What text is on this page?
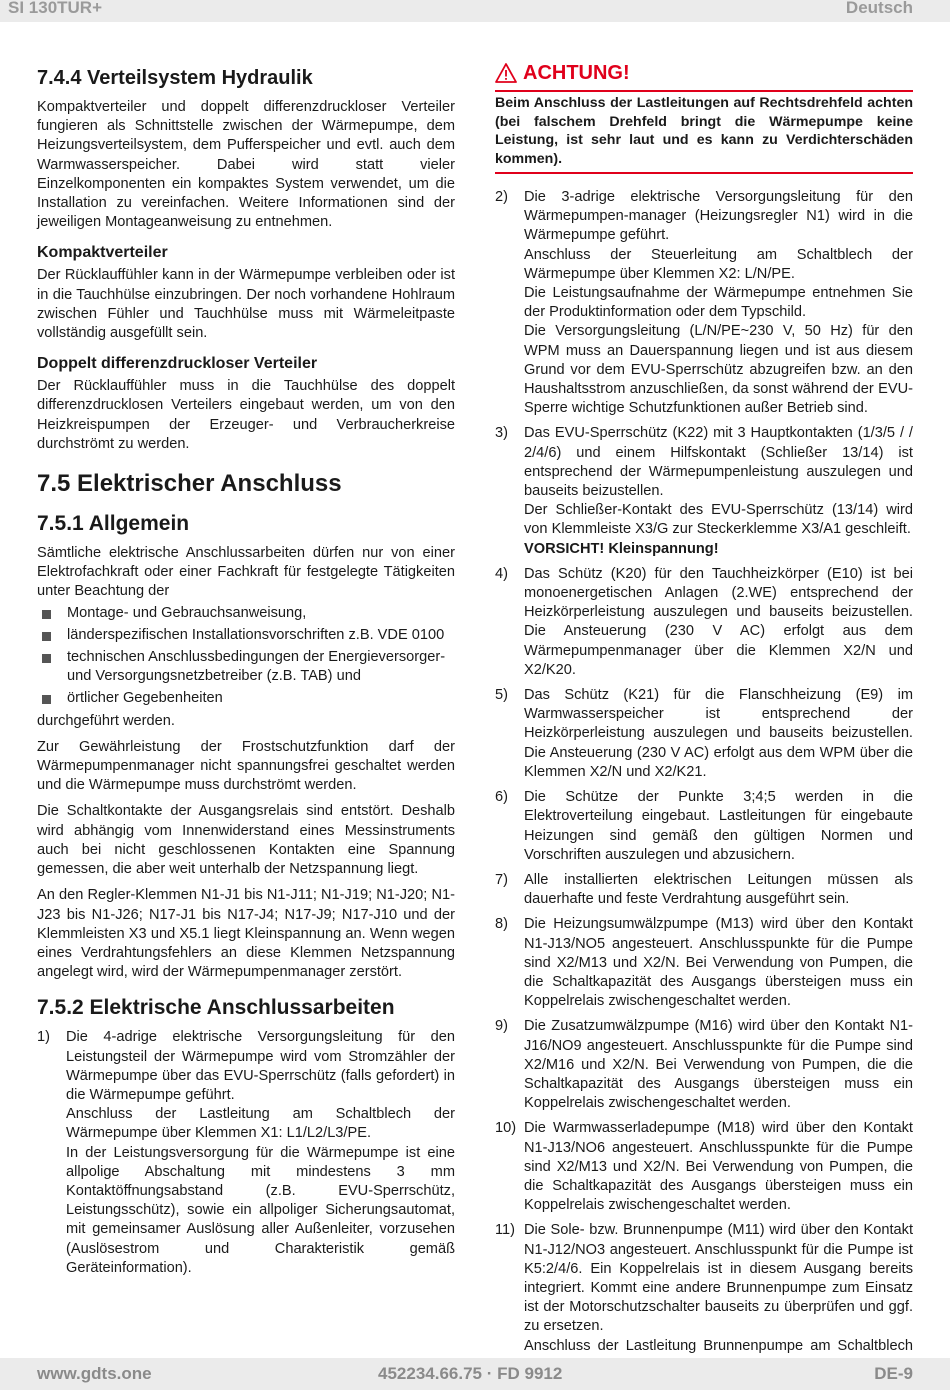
SI 130TUR+	Deutsch
7.4.4 Verteilsystem Hydraulik

Kompaktverteiler und doppelt differenzdruckloser Verteiler fungieren als Schnittstelle zwischen der Wärmepumpe, dem Heizungsverteilsystem, dem Pufferspeicher und evtl. auch dem Warmwasserspeicher. Dabei wird statt vieler Einzelkomponenten ein kompaktes System verwendet, um die Installation zu vereinfachen. Weitere Informationen sind der jeweiligen Montageanweisung zu entnehmen.

Kompaktverteiler

Der Rücklauffühler kann in der Wärmepumpe verbleiben oder ist in die Tauchhülse einzubringen. Der noch vorhandene Hohlraum zwischen Fühler und Tauchhülse muss mit Wärmeleitpaste vollständig ausgefüllt sein.

Doppelt differenzdruckloser Verteiler

Der Rücklauffühler muss in die Tauchhülse des doppelt differenzdrucklosen Verteilers eingebaut werden, um von den Heizkreispumpen der Erzeuger- und Verbraucherkreise durchströmt zu werden.

7.5 Elektrischer Anschluss
7.5.1 Allgemein

Sämtliche elektrische Anschlussarbeiten dürfen nur von einer Elektrofachkraft oder einer Fachkraft für festgelegte Tätigkeiten unter Beachtung der

Montage- und Gebrauchsanweisung,
länderspezifischen Installationsvorschriften z.B. VDE 0100
technischen Anschlussbedingungen der Energieversorger- und Versorgungsnetzbetreiber (z.B. TAB) und
örtlicher Gegebenheiten

durchgeführt werden.

Zur Gewährleistung der Frostschutzfunktion darf der Wärmepumpenmanager nicht spannungsfrei geschaltet werden und die Wärmepumpe muss durchströmt werden.

Die Schaltkontakte der Ausgangsrelais sind entstört. Deshalb wird abhängig vom Innenwiderstand eines Messinstruments auch bei nicht geschlossenen Kontakten eine Spannung gemessen, die aber weit unterhalb der Netzspannung liegt.

An den Regler-Klemmen N1-J1 bis N1-J11; N1-J19; N1-J20; N1-J23 bis N1-J26; N17-J1 bis N17-J4; N17-J9; N17-J10 und der Klemmleisten X3 und X5.1 liegt Kleinspannung an. Wenn wegen eines Verdrahtungsfehlers an diese Klemmen Netzspannung angelegt wird, wird der Wärmepumpenmanager zerstört.

7.5.2 Elektrische Anschlussarbeiten
1)	Die 4-adrige elektrische Versorgungsleitung für den Leistungsteil der Wärmepumpe wird vom Stromzähler der Wärmepumpe über das EVU-Sperrschütz (falls gefordert) in die Wärmepumpe geführt.

Anschluss der Lastleitung am Schaltblech der Wärmepumpe über Klemmen X1: L1/L2/L3/PE.

In der Leistungsversorgung für die Wärmepumpe ist eine allpolige Abschaltung mit mindestens 3 mm Kontaktöffnungsabstand (z.B. EVU-Sperrschütz, Leistungsschütz), sowie ein allpoliger Sicherungsautomat, mit gemeinsamer Auslösung aller Außenleiter, vorzusehen (Auslösestrom und Charakteristik gemäß Geräteinformation).

ACHTUNG!
Beim Anschluss der Lastleitungen auf Rechtsdrehfeld achten (bei falschem Drehfeld bringt die Wärmepumpe keine Leistung, ist sehr laut und es kann zu Verdichterschäden kommen).
2)	Die 3-adrige elektrische Versorgungsleitung für den Wärmepumpen-manager (Heizungsregler N1) wird in die Wärmepumpe geführt.

Anschluss der Steuerleitung am Schaltblech der Wärmepumpe über Klemmen X2: L/N/PE.

Die Leistungsaufnahme der Wärmepumpe entnehmen Sie der Produktinformation oder dem Typschild.

Die Versorgungsleitung (L/N/PE~230 V, 50 Hz) für den WPM muss an Dauerspannung liegen und ist aus diesem Grund vor dem EVU-Sperrschütz abzugreifen bzw. an den Haushaltsstrom anzuschließen, da sonst während der EVU-Sperre wichtige Schutzfunktionen außer Betrieb sind.

3)	Das EVU-Sperrschütz (K22) mit 3 Hauptkontakten (1/3/5 / / 2/4/6) und einem Hilfskontakt (Schließer 13/14) ist entsprechend der Wärmepumpenleistung auszulegen und bauseits beizustellen.

Der Schließer-Kontakt des EVU-Sperrschütz (13/14) wird von Klemmleiste X3/G zur Steckerklemme X3/A1 geschleift.

VORSICHT! Kleinspannung!

4)	Das Schütz (K20) für den Tauchheizkörper (E10) ist bei monoenergetischen Anlagen (2.WE) entsprechend der Heizkörperleistung auszulegen und bauseits beizustellen. Die Ansteuerung (230 V AC) erfolgt aus dem Wärmepumpenmanager über die Klemmen X2/N und X2/K20.

5)	Das Schütz (K21) für die Flanschheizung (E9) im Warmwasserspeicher ist entsprechend der Heizkörperleistung auszulegen und bauseits beizustellen. Die Ansteuerung (230 V AC) erfolgt aus dem WPM über die Klemmen X2/N und X2/K21.

6)	Die Schütze der Punkte 3;4;5 werden in die Elektroverteilung eingebaut. Lastleitungen für eingebaute Heizungen sind gemäß den gültigen Normen und Vorschriften auszulegen und abzusichern.

7)	Alle installierten elektrischen Leitungen müssen als dauerhafte und feste Verdrahtung ausgeführt sein.

8)	Die Heizungsumwälzpumpe (M13) wird über den Kontakt N1-J13/NO5 angesteuert. Anschlusspunkte für die Pumpe sind X2/M13 und X2/N. Bei Verwendung von Pumpen, die die Schaltkapazität des Ausgangs übersteigen muss ein Koppelrelais zwischengeschaltet werden.

9)	Die Zusatzumwälzpumpe (M16) wird über den Kontakt N1-J16/NO9 angesteuert. Anschlusspunkte für die Pumpe sind X2/M16 und X2/N. Bei Verwendung von Pumpen, die die Schaltkapazität des Ausgangs übersteigen muss ein Koppelrelais zwischengeschaltet werden.

10) Die Warmwasserladepumpe (M18) wird über den Kontakt N1-J13/NO6 angesteuert. Anschlusspunkte für die Pumpe sind X2/M13 und X2/N. Bei Verwendung von Pumpen, die die Schaltkapazität des Ausgangs übersteigen muss ein Koppelrelais zwischengeschaltet werden.

11) Die Sole- bzw. Brunnenpumpe (M11) wird über den Kontakt N1-J12/NO3 angesteuert. Anschlusspunkt für die Pumpe ist K5:2/4/6. Ein Koppelrelais ist in diesem Ausgang bereits integriert. Kommt eine andere Brunnenpumpe zum Einsatz ist der Motorschutzschalter bauseits zu überprüfen und ggf. zu ersetzen.

Anschluss der Lastleitung Brunnenpumpe am Schaltblech

www.gdts.one	452234.66.75 · FD 9912	DE-9
